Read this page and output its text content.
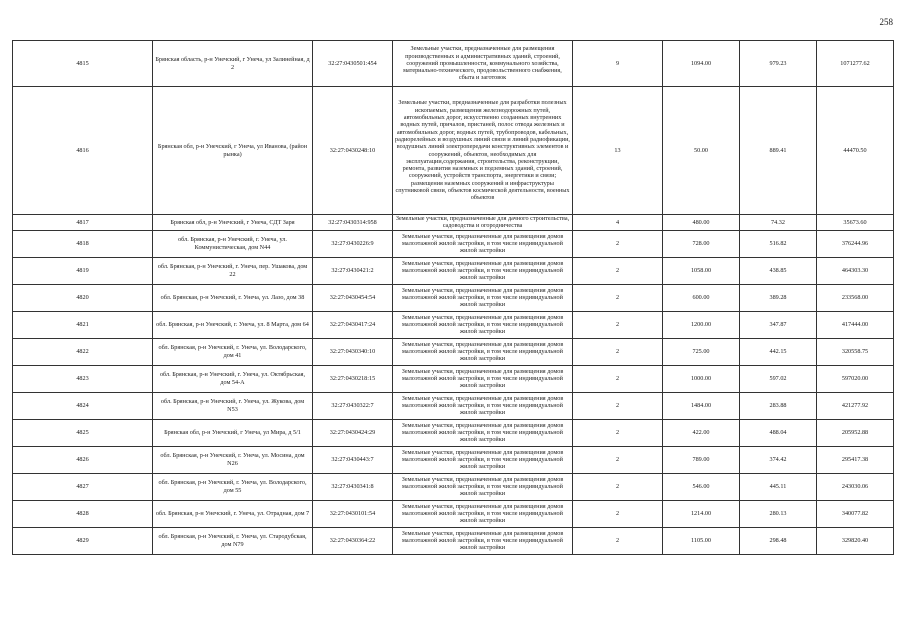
258
4815	Брянская область, р-н Унечский, г Унеча, ул Залинейная, д 2	32:27:0430501:454	Земельные участки, предназначенные для размещения производственных и административных зданий, строений, сооружений промышленности, коммунального хозяйства, материально-технического, продовольственного снабжения, сбыта и заготовок	9	1094.00	979.23	1071277.62
4816	Брянская обл, р-н Унечский, г Унеча, ул Иванова, (район рынка)	32:27:0430248:10	Земельные участки, предназначенные для разработки полезных ископаемых, размещения железнодорожных путей, автомобильных дорог, искусственно созданных внутренних водных путей, причалов, пристаней, полос отвода железных и автомобильных дорог, водных путей, трубопроводов, кабельных, радиорелейных и воздушных линий связи и линий радиофикации, воздушных линий электропередачи конструктивных элементов и сооружений, объектов, необходимых для эксплуатации,содержания, строительства, реконструкции, ремонта, развития наземных и подземных зданий, строений, сооружений, устройств транспорта, энергетики и связи; размещения наземных сооружений и инфраструктуры спутниковой связи, объектов космической деятельности, военных объектов	13	50.00	889.41	44470.50
4817	Брянская обл, р-н Унечский, г Унеча, СДТ Заря	32:27:0430314:958	Земельные участки, предназначенные для дачного строительства, садоводства и огородничества	4	480.00	74.32	35673.60
4818	обл. Брянская, р-н Унечский, г. Унеча, ул. Коммунистическая, дом N44	32:27:0430226:9	Земельные участки, предназначенные для размещения домов малоэтажной жилой застройки, в том числе индивидуальной жилой застройки	2	728.00	516.82	376244.96
4819	обл. Брянская, р-н Унечский, г. Унеча, пер. Ушакова, дом 22	32:27:0430421:2	Земельные участки, предназначенные для размещения домов малоэтажной жилой застройки, в том числе индивидуальной жилой застройки	2	1058.00	438.85	464303.30
4820	обл. Брянская, р-н Унечский, г. Унеча, ул. Лазо, дом 38	32:27:0430454:54	Земельные участки, предназначенные для размещения домов малоэтажной жилой застройки, в том числе индивидуальной жилой застройки	2	600.00	389.28	233568.00
4821	обл. Брянская, р-н Унечский, г. Унеча, ул. 8 Марта, дом 64	32:27:0430417:24	Земельные участки, предназначенные для размещения домов малоэтажной жилой застройки, в том числе индивидуальной жилой застройки	2	1200.00	347.87	417444.00
4822	обл. Брянская, р-н Унечский, г. Унеча, ул. Володарского, дом 41	32:27:0430340:10	Земельные участки, предназначенные для размещения домов малоэтажной жилой застройки, в том числе индивидуальной жилой застройки	2	725.00	442.15	320558.75
4823	обл. Брянская, р-н Унечский, г. Унеча, ул. Октябрьская, дом 54-А	32:27:0430218:15	Земельные участки, предназначенные для размещения домов малоэтажной жилой застройки, в том числе индивидуальной жилой застройки	2	1000.00	597.02	597020.00
4824	обл. Брянская, р-н Унечский, г. Унеча, ул. Жукова, дом N53	32:27:0430322:7	Земельные участки, предназначенные для размещения домов малоэтажной жилой застройки, в том числе индивидуальной жилой застройки	2	1484.00	283.88	421277.92
4825	Брянская обл, р-н Унечский, г Унеча, ул Мира, д 5/1	32:27:0430424:29	Земельные участки, предназначенные для размещения домов малоэтажной жилой застройки, в том числе индивидуальной жилой застройки	2	422.00	488.04	205952.88
4826	обл. Брянская, р-н Унечский, г. Унеча, ул. Мосина, дом N26	32:27:0430443:7	Земельные участки, предназначенные для размещения домов малоэтажной жилой застройки, в том числе индивидуальной жилой застройки	2	789.00	374.42	295417.38
4827	обл. Брянская, р-н Унечский, г. Унеча, ул. Володарского, дом 55	32:27:0430341:8	Земельные участки, предназначенные для размещения домов малоэтажной жилой застройки, в том числе индивидуальной жилой застройки	2	546.00	445.11	243030.06
4828	обл. Брянская, р-н Унечский, г. Унеча, ул. Отрадная, дом 7	32:27:0430101:54	Земельные участки, предназначенные для размещения домов малоэтажной жилой застройки, в том числе индивидуальной жилой застройки	2	1214.00	280.13	340077.82
4829	обл. Брянская, р-н Унечский, г. Унеча, ул. Стародубская, дом N79	32:27:0430364:22	Земельные участки, предназначенные для размещения домов малоэтажной жилой застройки, в том числе индивидуальной жилой застройки	2	1105.00	298.48	329820.40
